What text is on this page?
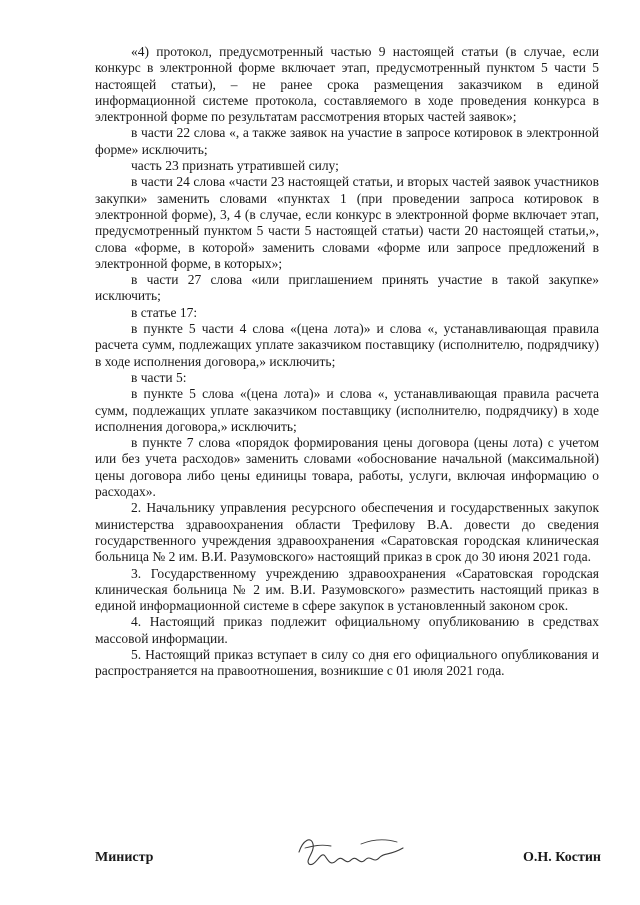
«4) протокол, предусмотренный частью 9 настоящей статьи (в случае, если конкурс в электронной форме включает этап, предусмотренный пунктом 5 части 5 настоящей статьи), – не ранее срока размещения заказчиком в единой информационной системе протокола, составляемого в ходе проведения конкурса в электронной форме по результатам рассмотрения вторых частей заявок»;

в части 22 слова «, а также заявок на участие в запросе котировок в электронной форме» исключить;

часть 23 признать утратившей силу;

в части 24 слова «части 23 настоящей статьи, и вторых частей заявок участников закупки» заменить словами «пунктах 1 (при проведении запроса котировок в электронной форме), 3, 4 (в случае, если конкурс в электронной форме включает этап, предусмотренный пунктом 5 части 5 настоящей статьи) части 20 настоящей статьи,», слова «форме, в которой» заменить словами «форме или запросе предложений в электронной форме, в которых»;

в части 27 слова «или приглашением принять участие в такой закупке» исключить;

в статье 17:

в пункте 5 части 4 слова «(цена лота)» и слова «, устанавливающая правила расчета сумм, подлежащих уплате заказчиком поставщику (исполнителю, подрядчику) в ходе исполнения договора,» исключить;

в части 5:

в пункте 5 слова «(цена лота)» и слова «, устанавливающая правила расчета сумм, подлежащих уплате заказчиком поставщику (исполнителю, подрядчику) в ходе исполнения договора,» исключить;

в пункте 7 слова «порядок формирования цены договора (цены лота) с учетом или без учета расходов» заменить словами «обоснование начальной (максимальной) цены договора либо цены единицы товара, работы, услуги, включая информацию о расходах».

2. Начальнику управления ресурсного обеспечения и государственных закупок министерства здравоохранения области Трефилову В.А. довести до сведения государственного учреждения здравоохранения «Саратовская городская клиническая больница № 2 им. В.И. Разумовского» настоящий приказ в срок до 30 июня 2021 года.

3. Государственному учреждению здравоохранения «Саратовская городская клиническая больница № 2 им. В.И. Разумовского» разместить настоящий приказ в единой информационной системе в сфере закупок в установленный законом срок.

4. Настоящий приказ подлежит официальному опубликованию в средствах массовой информации.

5. Настоящий приказ вступает в силу со дня его официального опубликования и распространяется на правоотношения, возникшие с 01 июля 2021 года.

Министр	О.Н. Костин
